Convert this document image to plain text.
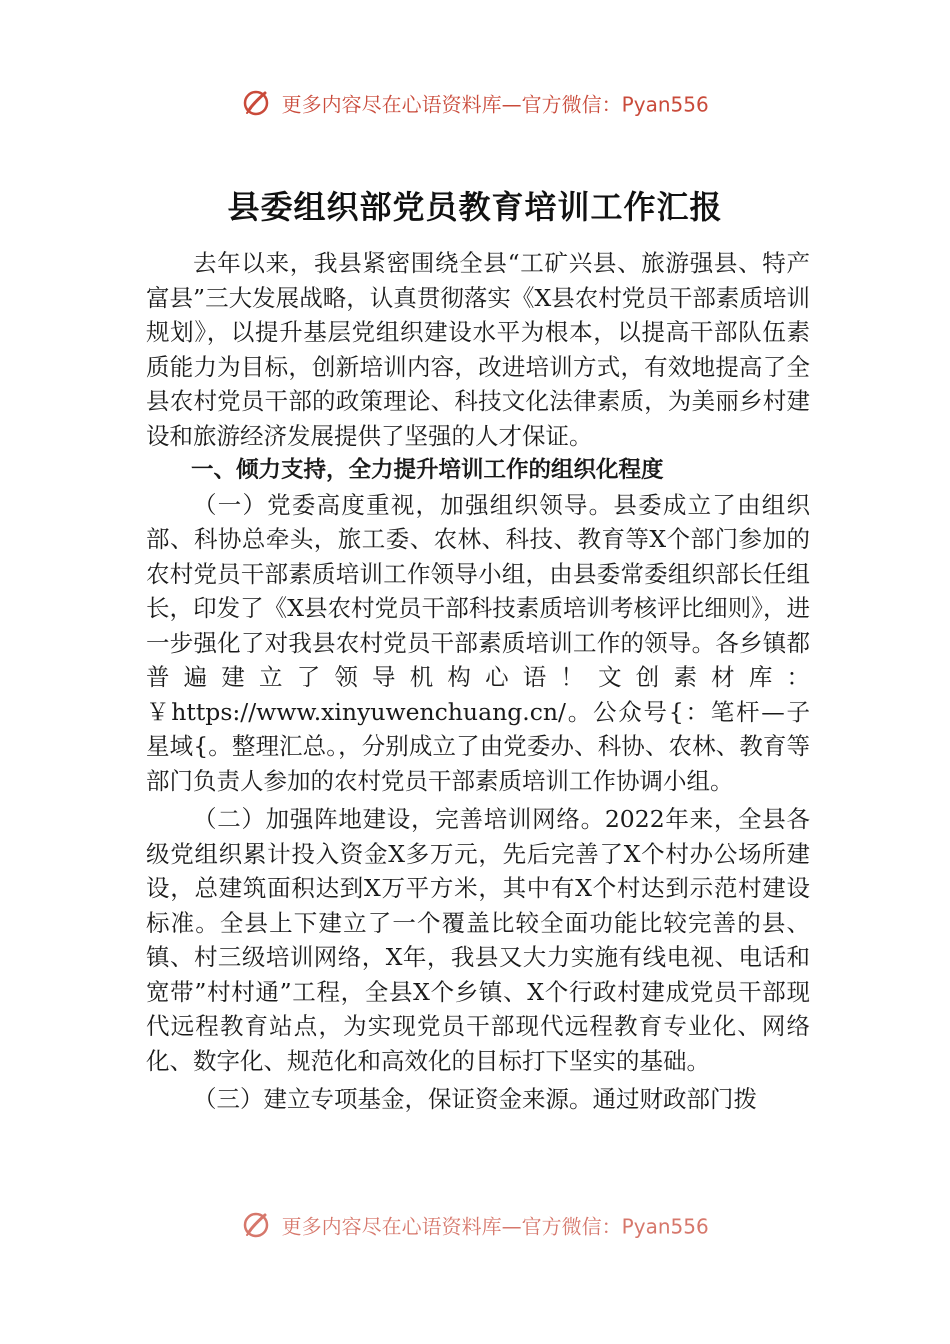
更多内容尽在心语资料库—官方微信：Pyan556
县委组织部党员教育培训工作汇报

去年以来，我县紧密围绕全县“工矿兴县、旅游强县、特产富县”三大发展战略，认真贯彻落实《X县农村党员干部素质培训规划》，以提升基层党组织建设水平为根本，以提高干部队伍素质能力为目标，创新培训内容，改进培训方式，有效地提高了全县农村党员干部的政策理论、科技文化法律素质，为美丽乡村建设和旅游经济发展提供了坚强的人才保证。

一、倾力支持，全力提升培训工作的组织化程度

（一）党委高度重视，加强组织领导。县委成立了由组织部、科协总牵头，旅工委、农林、科技、教育等X个部门参加的农村党员干部素质培训工作领导小组，由县委常委组织部长任组长，印发了《X县农村党员干部科技素质培训考核评比细则》，进一步强化了对我县农村党员干部素质培训工作的领导。各乡镇都普遍建立了领导机构心语！文创素材库：￥https://www.xinyuwenchuang.cn/。公众号{：笔杆—子星域{。整理汇总。，分别成立了由党委办、科协、农林、教育等部门负责人参加的农村党员干部素质培训工作协调小组。

（二）加强阵地建设，完善培训网络。2022年来，全县各级党组织累计投入资金X多万元，先后完善了X个村办公场所建设，总建筑面积达到X万平方米，其中有X个村达到示范村建设标准。全县上下建立了一个覆盖比较全面功能比较完善的县、镇、村三级培训网络，X年，我县又大力实施有线电视、电话和宽带”村村通”工程，全县X个乡镇、X个行政村建成党员干部现代远程教育站点，为实现党员干部现代远程教育专业化、网络化、数字化、规范化和高效化的目标打下坚实的基础。

（三）建立专项基金，保证资金来源。通过财政部门拨

更多内容尽在心语资料库—官方微信：Pyan556
